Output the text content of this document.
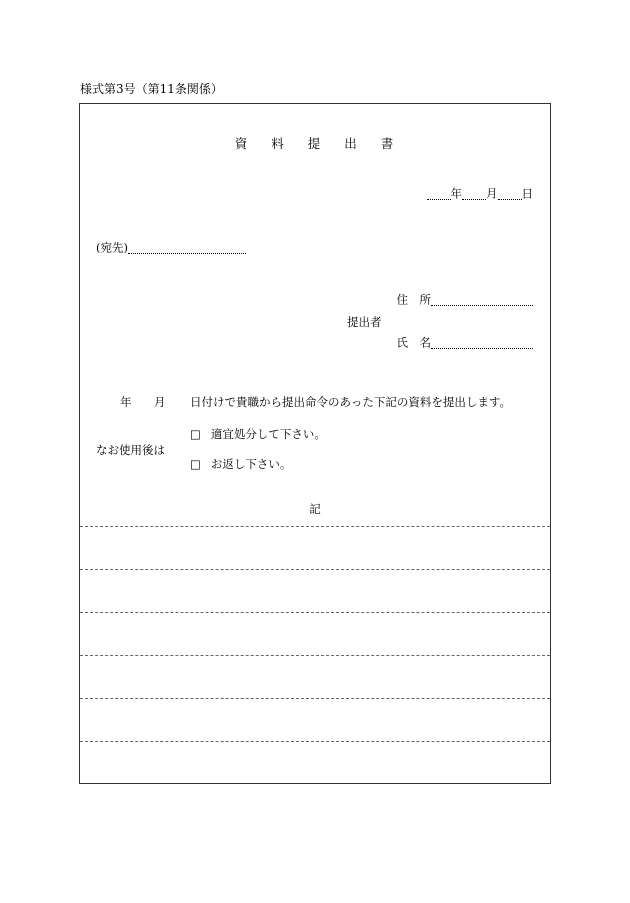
様式第3号（第11条関係）
資 料 提 出 書
年 月 日
(宛先)
住　所
提出者
氏　名
年 月 日付けで貴職から提出命令のあった下記の資料を提出します。
なお使用後は
□ 適宜処分して下さい。
□ お返し下さい。
記
